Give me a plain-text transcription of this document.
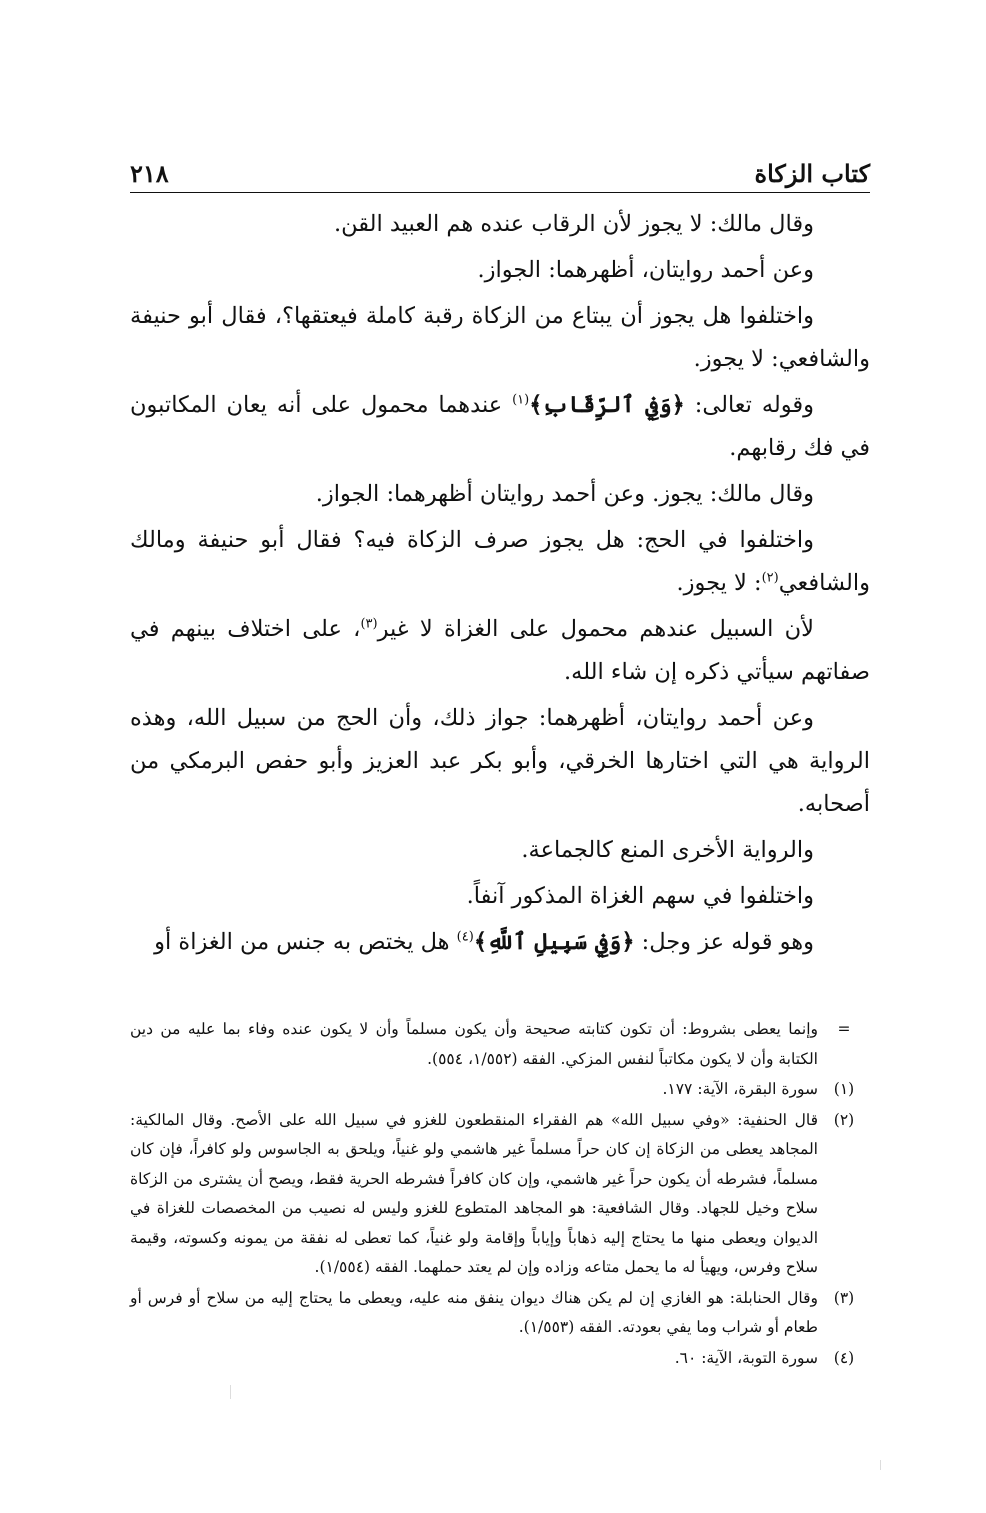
كتاب الزكاة
٢١٨

وقال مالك: لا يجوز لأن الرقاب عنده هم العبيد القن.

وعن أحمد روايتان، أظهرهما: الجواز.

واختلفوا هل يجوز أن يبتاع من الزكاة رقبة كاملة فيعتقها؟، فقال أبو حنيفة والشافعي: لا يجوز.

وقوله تعالى: ﴿وَفِي ٱلرِّقَابِ﴾$^{(١)}$ عندهما محمول على أنه يعان المكاتبون في فك رقابهم.

وقال مالك: يجوز. وعن أحمد روايتان أظهرهما: الجواز.

واختلفوا في الحج: هل يجوز صرف الزكاة فيه؟ فقال أبو حنيفة ومالك والشافعي$^{(٢)}$: لا يجوز.

لأن السبيل عندهم محمول على الغزاة لا غير$^{(٣)}$، على اختلاف بينهم في صفاتهم سيأتي ذكره إن شاء الله.

وعن أحمد روايتان، أظهرهما: جواز ذلك، وأن الحج من سبيل الله، وهذه الرواية هي التي اختارها الخرقي، وأبو بكر عبد العزيز وأبو حفص البرمكي من أصحابه.

والرواية الأخرى المنع كالجماعة.

واختلفوا في سهم الغزاة المذكور آنفاً.

وهو قوله عز وجل: ﴿وَفِي سَبِيلِ ٱللَّهِ﴾$^{(٤)}$ هل يختص به جنس من الغزاة أو

=
وإنما يعطى بشروط: أن تكون كتابته صحيحة وأن يكون مسلماً وأن لا يكون عنده وفاء بما عليه من دين الكتابة وأن لا يكون مكاتباً لنفس المزكي. الفقه (١/٥٥٢، ٥٥٤).
(١)
سورة البقرة، الآية: ١٧٧.
(٢)
قال الحنفية: «وفي سبيل الله» هم الفقراء المنقطعون للغزو في سبيل الله على الأصح. وقال المالكية: المجاهد يعطى من الزكاة إن كان حراً مسلماً غير هاشمي ولو غنياً، ويلحق به الجاسوس ولو كافراً، فإن كان مسلماً، فشرطه أن يكون حراً غير هاشمي، وإن كان كافراً فشرطه الحرية فقط، ويصح أن يشترى من الزكاة سلاح وخيل للجهاد. وقال الشافعية: هو المجاهد المتطوع للغزو وليس له نصيب من المخصصات للغزاة في الديوان ويعطى منها ما يحتاج إليه ذهاباً وإياباً وإقامة ولو غنياً، كما تعطى له نفقة من يمونه وكسوته، وقيمة سلاح وفرس، ويهيأ له ما يحمل متاعه وزاده وإن لم يعتد حملهما. الفقه (١/٥٥٤).
(٣)
وقال الحنابلة: هو الغازي إن لم يكن هناك ديوان ينفق منه عليه، ويعطى ما يحتاج إليه من سلاح أو فرس أو طعام أو شراب وما يفي بعودته. الفقه (١/٥٥٣).
(٤)
سورة التوبة، الآية: ٦٠.
